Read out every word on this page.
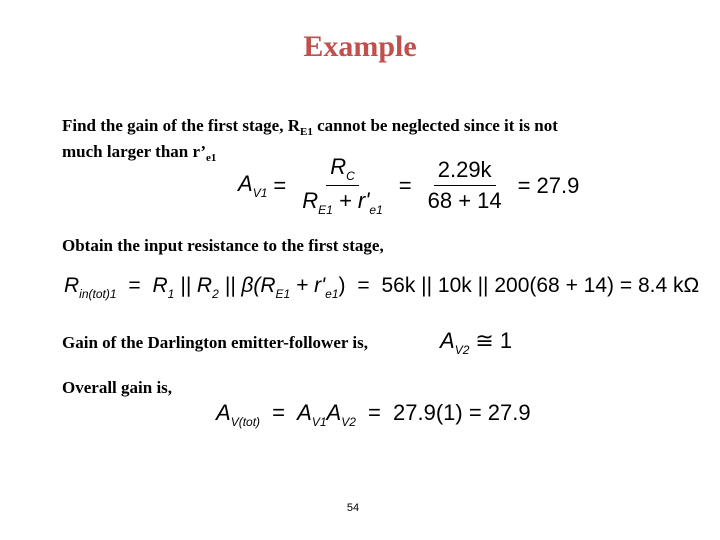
Example
Find the gain of the first stage, $R_{E1}$ cannot be neglected since it is not
much larger than $r’_{e1}$
$A_{V1} = \frac{R_C}{R_{E1} + r'_{e1}} = \frac{2.29k}{68 + 14} = 27.9$
Obtain the input resistance to the first stage,
$R_{in(tot)1} = R_1$ || $R_2$ || $\beta(R_{E1} + r'_{e1}) = 56k$ || 10k || 200(68 + 14) = 8.4 kΩ
Gain of the Darlington emitter-follower is,	$A_{V2}$ ≅ 1
Overall gain is,
$A_{V(tot)} = A_{V1}A_{V2} = 27.9(1) = 27.9$
54
